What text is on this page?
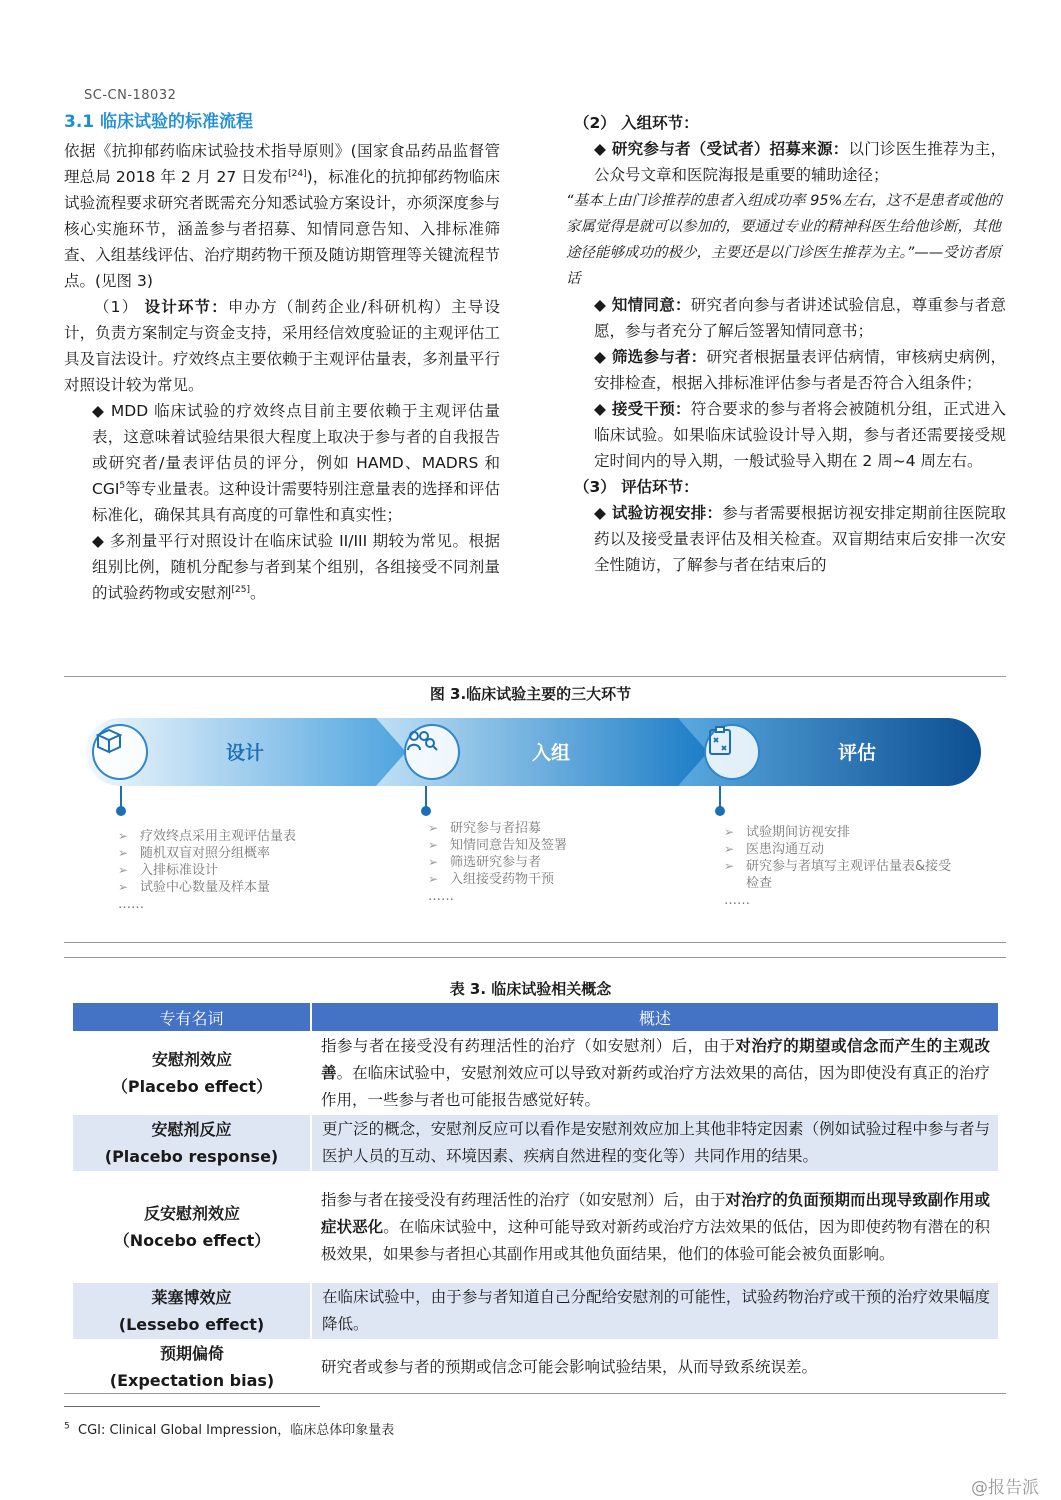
SC-CN-18032
3.1 临床试验的标准流程

依据《抗抑郁药临床试验技术指导原则》(国家食品药品监督管理总局 2018 年 2 月 27 日发布[24])，标准化的抗抑郁药物临床试验流程要求研究者既需充分知悉试验方案设计，亦须深度参与核心实施环节，涵盖参与者招募、知情同意告知、入排标准筛查、入组基线评估、治疗期药物干预及随访期管理等关键流程节点。(见图 3)

（1） 设计环节：申办方（制药企业/科研机构）主导设计，负责方案制定与资金支持，采用经信效度验证的主观评估工具及盲法设计。疗效终点主要依赖于主观评估量表，多剂量平行对照设计较为常见。

◆ MDD 临床试验的疗效终点目前主要依赖于主观评估量表，这意味着试验结果很大程度上取决于参与者的自我报告或研究者/量表评估员的评分，例如 HAMD、MADRS 和 CGI$^5$等专业量表。这种设计需要特别注意量表的选择和评估标准化，确保其具有高度的可靠性和真实性；

◆ 多剂量平行对照设计在临床试验 II/III 期较为常见。根据组别比例，随机分配参与者到某个组别，各组接受不同剂量的试验药物或安慰剂[25]。

（2） 入组环节：

◆ 研究参与者（受试者）招募来源：以门诊医生推荐为主，公众号文章和医院海报是重要的辅助途径；

“基本上由门诊推荐的患者入组成功率 95%左右，这不是患者或他的家属觉得是就可以参加的，要通过专业的精神科医生给他诊断，其他途径能够成功的极少，主要还是以门诊医生推荐为主。”——受访者原话

◆ 知情同意：研究者向参与者讲述试验信息，尊重参与者意愿，参与者充分了解后签署知情同意书；

◆ 筛选参与者：研究者根据量表评估病情，审核病史病例，安排检查，根据入排标准评估参与者是否符合入组条件；

◆ 接受干预：符合要求的参与者将会被随机分组，正式进入临床试验。如果临床试验设计导入期，参与者还需要接受规定时间内的导入期，一般试验导入期在 2 周~4 周左右。

（3） 评估环节：

◆ 试验访视安排：参与者需要根据访视安排定期前往医院取药以及接受量表评估及相关检查。双盲期结束后安排一次安全性随访，了解参与者在结束后的

图 3.临床试验主要的三大环节
设计	入组	评估
➢ 疗效终点采用主观评估量表
➢ 随机双盲对照分组概率
➢ 入排标准设计
➢ 试验中心数量及样本量
……
➢ 研究参与者招募
➢ 知情同意告知及签署
➢ 筛选研究参与者
➢ 入组接受药物干预
……
➢ 试验期间访视安排
➢ 医患沟通互动
➢ 研究参与者填写主观评估量表&接受检查
……
表 3. 临床试验相关概念
专有名词	概述

安慰剂效应
（Placebo effect）	指参与者在接受没有药理活性的治疗（如安慰剂）后，由于对治疗的期望或信念而产生的主观改善。在临床试验中，安慰剂效应可以导致对新药或治疗方法效果的高估，因为即使没有真正的治疗作用，一些参与者也可能报告感觉好转。

安慰剂反应
(Placebo response)	更广泛的概念，安慰剂反应可以看作是安慰剂效应加上其他非特定因素（例如试验过程中参与者与医护人员的互动、环境因素、疾病自然进程的变化等）共同作用的结果。

反安慰剂效应
（Nocebo effect）	指参与者在接受没有药理活性的治疗（如安慰剂）后，由于对治疗的负面预期而出现导致副作用或症状恶化。在临床试验中，这种可能导致对新药或治疗方法效果的低估，因为即使药物有潜在的积极效果，如果参与者担心其副作用或其他负面结果，他们的体验可能会被负面影响。

莱塞博效应
(Lessebo effect)	在临床试验中，由于参与者知道自己分配给安慰剂的可能性，试验药物治疗或干预的治疗效果幅度降低。

预期偏倚
(Expectation bias)	研究者或参与者的预期或信念可能会影响试验结果，从而导致系统误差。
$^5$ CGI: Clinical Global Impression，临床总体印象量表
@报告派
